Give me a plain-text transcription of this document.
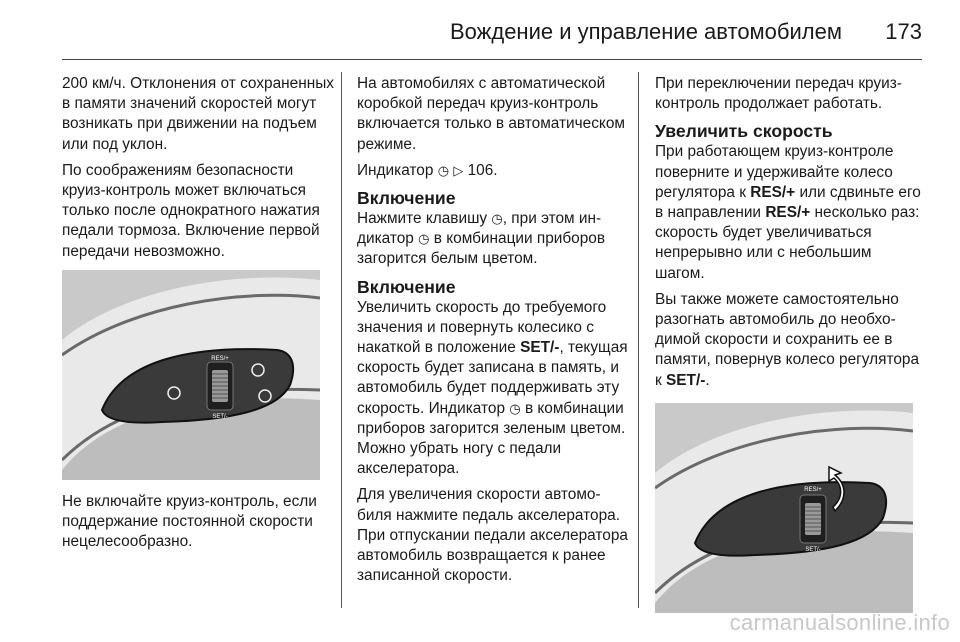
Вождение и управление автомобилем 173

200 км/ч. Отклонения от сохраненных в памяти значений скоростей могут возникать при движении на подъем или под уклон.

По соображениям безопасности круиз-контроль может включаться только после однократного нажатия педали тормоза. Включение первой передачи невозможно.

RES/+
SET/-

Не включайте круиз-контроль, если поддержание постоянной скорости нецелесообразно.

На автомобилях с автоматической коробкой передач круиз-контроль включается только в автоматическом режиме.

Индикатор ◷ ▷ 106.

Включение

Нажмите клавишу ◷, при этом индикатор ◷ в комбинации приборов загорится белым цветом.

Включение

Увеличить скорость до требуемого значения и повернуть колесико с накаткой в положение SET/-, текущая скорость будет записана в память, и автомобиль будет поддерживать эту скорость. Индикатор ◷ в комбинации приборов загорится зеленым цветом. Можно убрать ногу с педали акселератора.

Для увеличения скорости автомобиля нажмите педаль акселератора. При отпускании педали акселератора автомобиль возвращается к ранее записанной скорости.

При переключении передач круиз-контроль продолжает работать.

Увеличить скорость

При работающем круиз-контроле поверните и удерживайте колесо регулятора к RES/+ или сдвиньте его в направлении RES/+ несколько раз: скорость будет увеличиваться непрерывно или с небольшим шагом.

Вы также можете самостоятельно разогнать автомобиль до необходимой скорости и сохранить ее в памяти, повернув колесо регулятора к SET/-.

RES/+
SET/-
carmanualsonline.info
